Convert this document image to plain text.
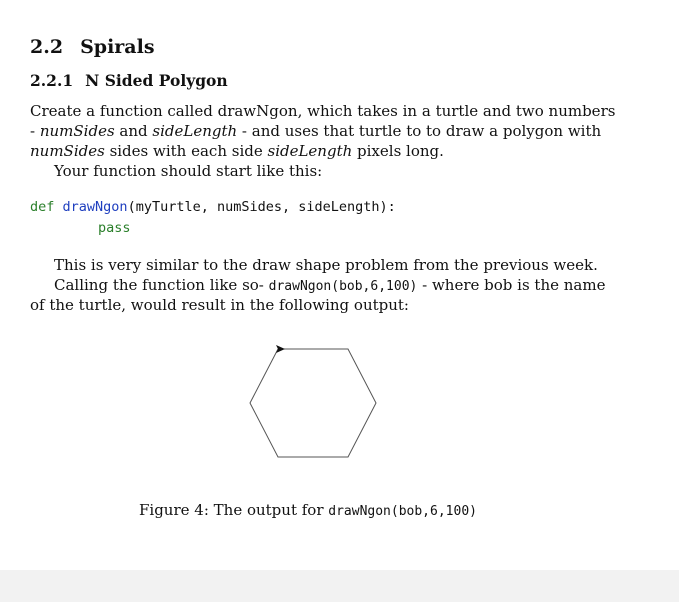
2.2 Spirals
2.2.1 N Sided Polygon
Create a function called drawNgon, which takes in a turtle and two numbers
- numSides and sideLength - and uses that turtle to to draw a polygon with
numSides sides with each side sideLength pixels long.
Your function should start like this:
def drawNgon(myTurtle, numSides, sideLength):
pass
This is very similar to the draw shape problem from the previous week.
Calling the function like so- drawNgon(bob,6,100) - where bob is the name
of the turtle, would result in the following output:
Figure 4: The output for drawNgon(bob,6,100)
